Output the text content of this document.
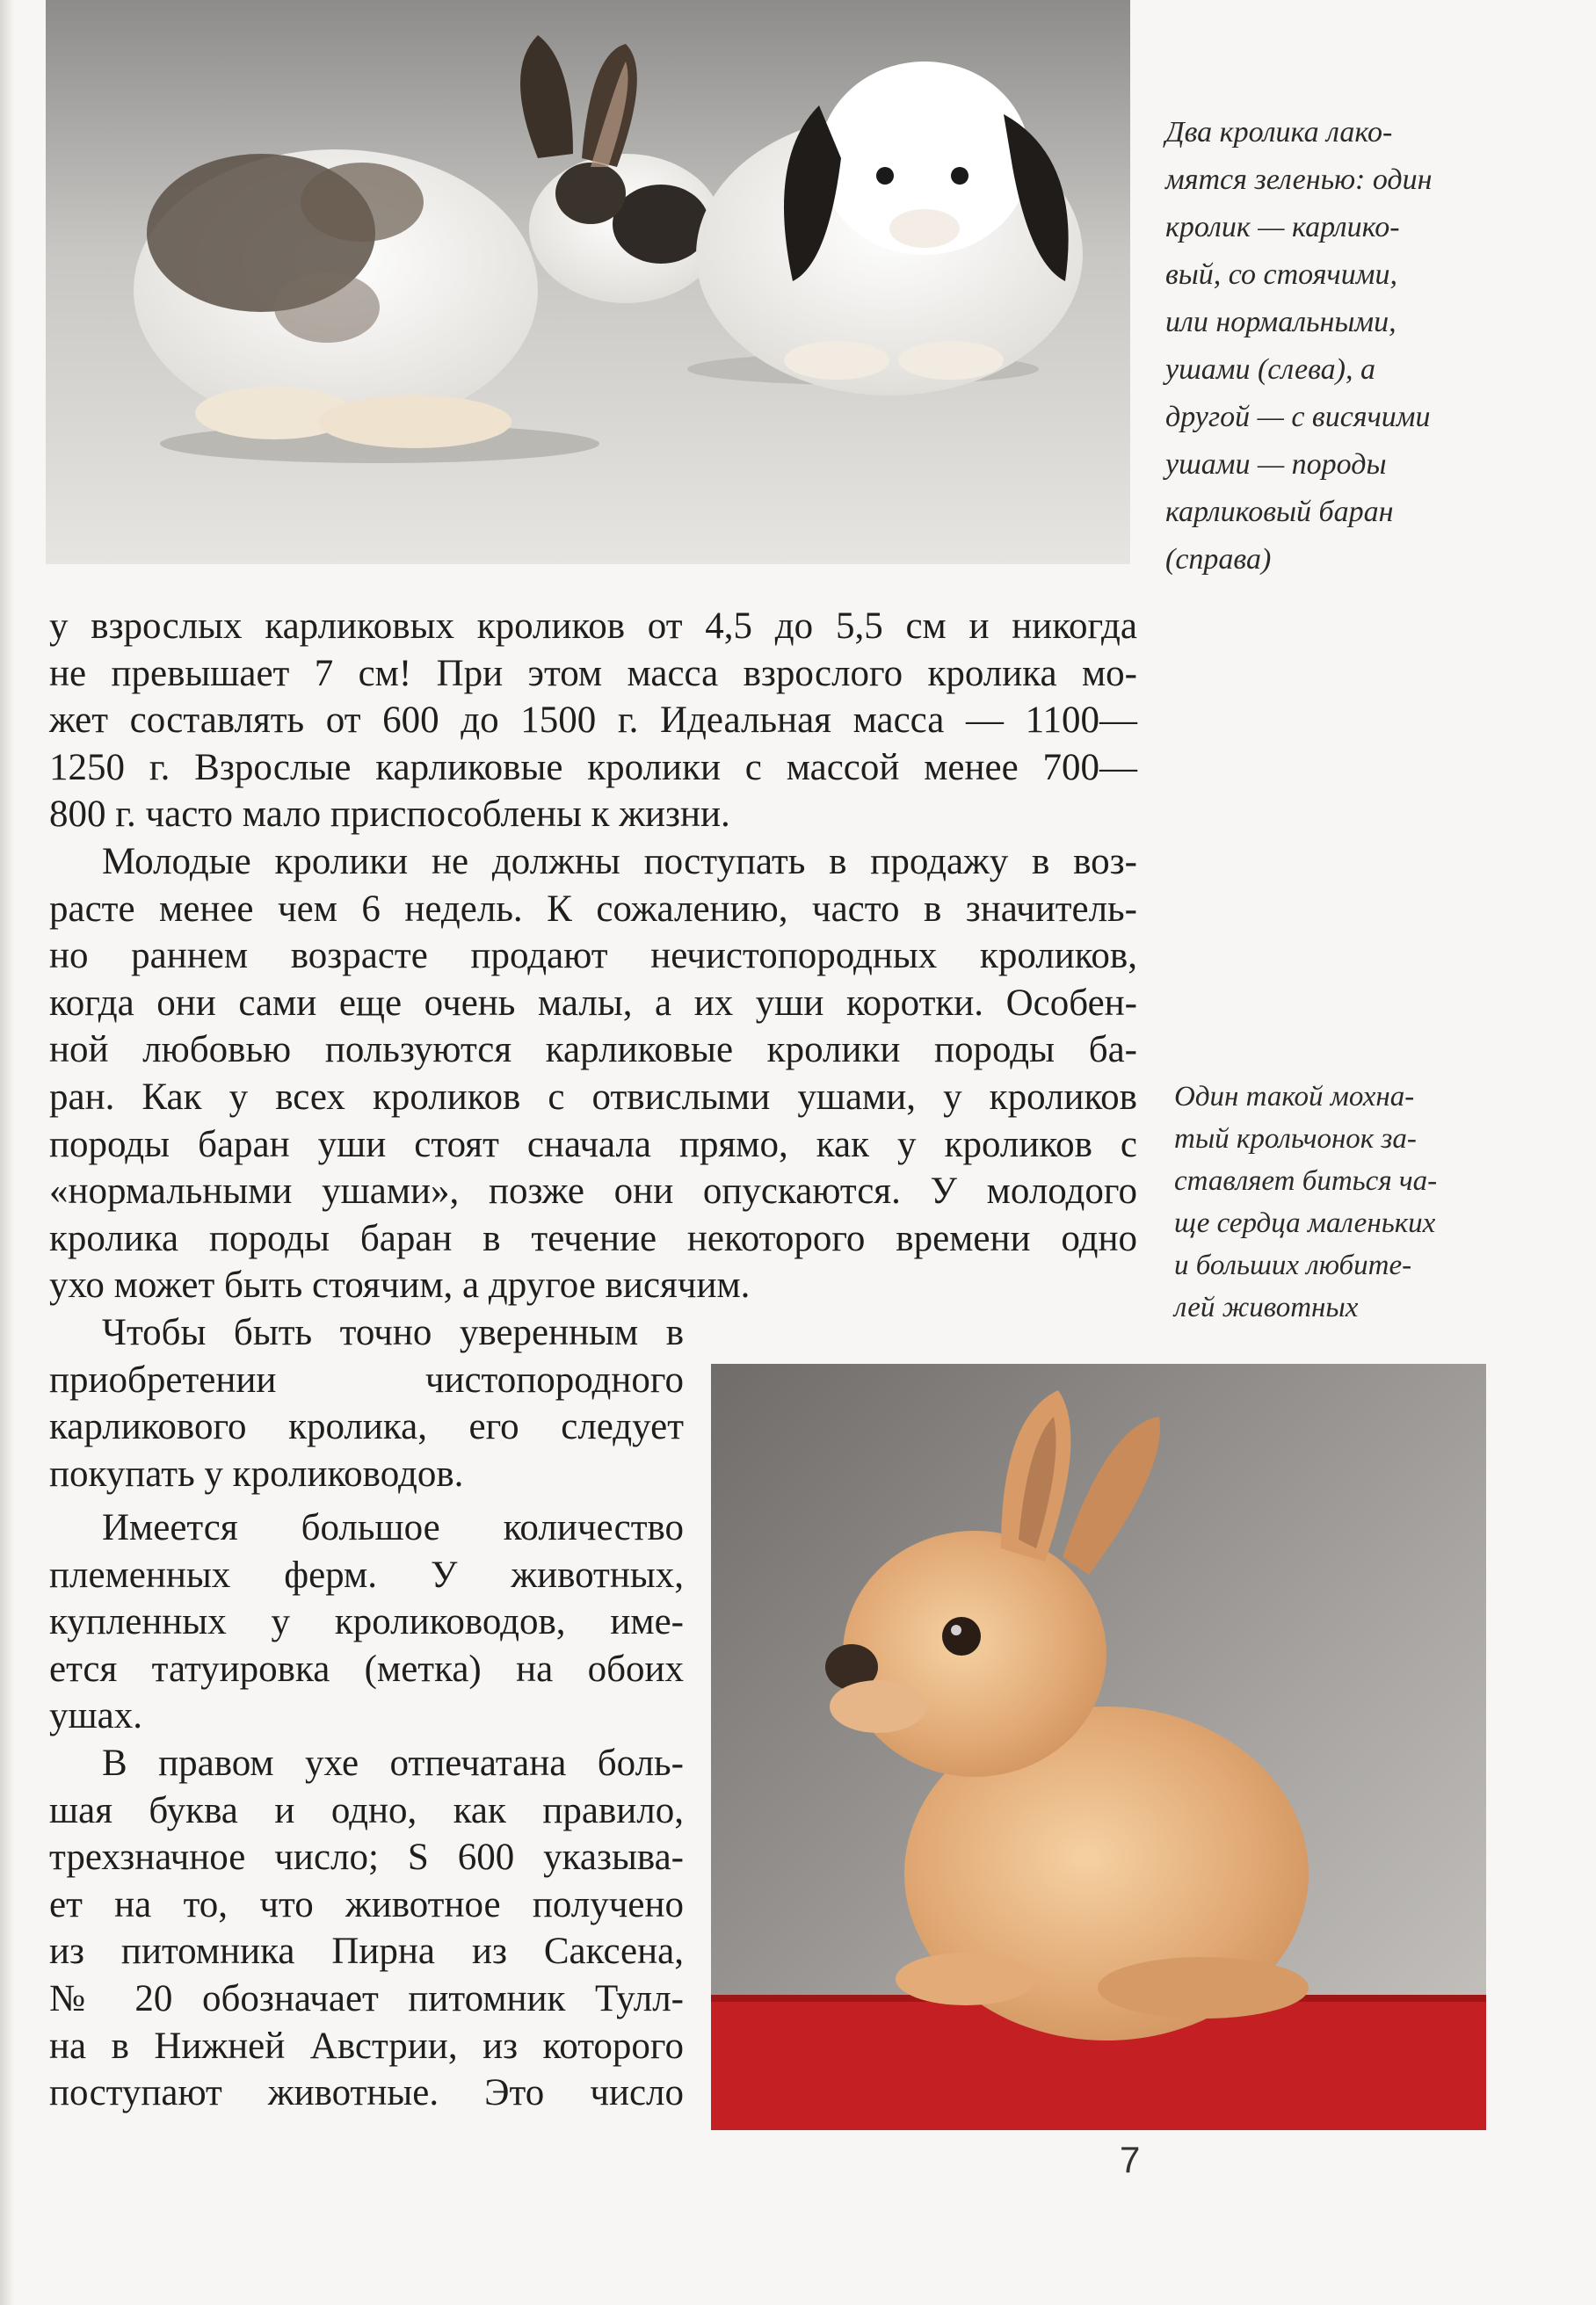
Два кролика лако-
мятся зеленью: один
кролик — карлико-
вый, со стоячими,
или нормальными,
ушами (слева), а
другой — с висячими
ушами — породы
карликовый баран
(справа)
у взрослых карликовых кроликов от 4,5 до 5,5 см и никогда
не превышает 7 см! При этом масса взрослого кролика мо-
жет составлять от 600 до 1500 г. Идеальная масса — 1100—
1250 г. Взрослые карликовые кролики с массой менее 700—
800 г. часто мало приспособлены к жизни.
Молодые кролики не должны поступать в продажу в воз-
расте менее чем 6 недель. К сожалению, часто в значитель-
но раннем возрасте продают нечистопородных кроликов,
когда они сами еще очень малы, а их уши коротки. Особен-
ной любовью пользуются карликовые кролики породы ба-
ран. Как у всех кроликов с отвислыми ушами, у кроликов
породы баран уши стоят сначала прямо, как у кроликов с
«нормальными ушами», позже они опускаются. У молодого
кролика породы баран в течение некоторого времени одно
ухо может быть стоячим, а другое висячим.
Один такой мохна-
тый крольчонок за-
ставляет биться ча-
ще сердца маленьких
и больших любите-
лей животных
Чтобы быть точно уверенным в
приобретении чистопородного
карликового кролика, его следует
покупать у кролиководов.
Имеется большое количество
племенных ферм. У животных,
купленных у кролиководов, име-
ется татуировка (метка) на обоих
ушах.
В правом ухе отпечатана боль-
шая буква и одно, как правило,
трехзначное число; S 600 указыва-
ет на то, что животное получено
из питомника Пирна из Саксена,
№ 20 обозначает питомник Тулл-
на в Нижней Австрии, из которого
поступают животные. Это число
7
